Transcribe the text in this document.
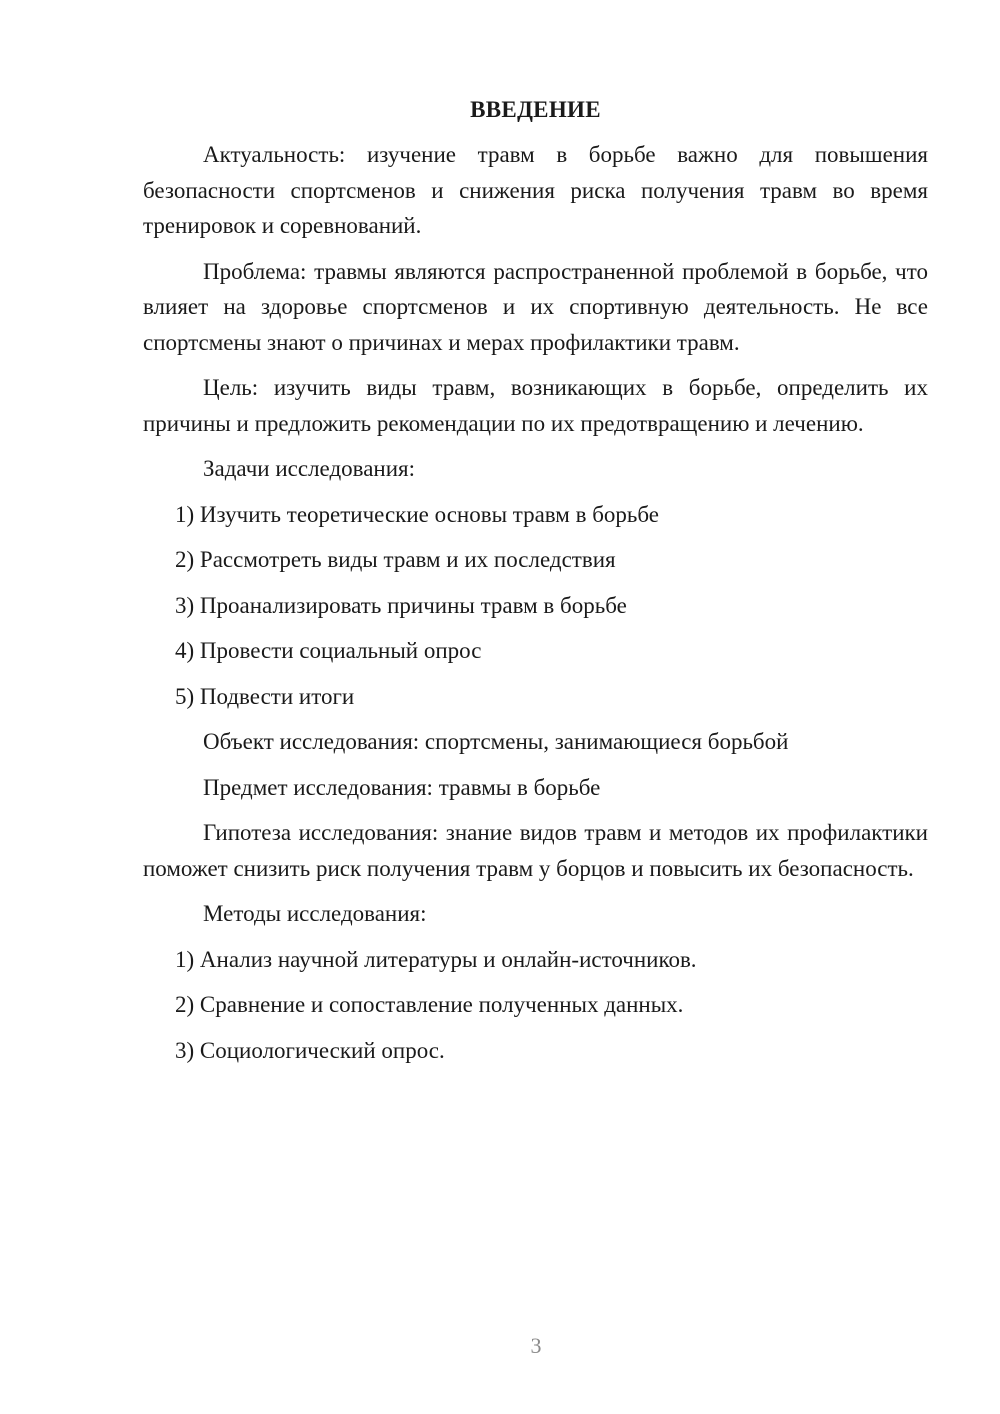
ВВЕДЕНИЕ

Актуальность: изучение травм в борьбе важно для повышения безопасности спортсменов и снижения риска получения травм во время тренировок и соревнований.

Проблема: травмы являются распространенной проблемой в борьбе, что влияет на здоровье спортсменов и их спортивную деятельность. Не все спортсмены знают о причинах и мерах профилактики травм.

Цель: изучить виды травм, возникающих в борьбе, определить их причины и предложить рекомендации по их предотвращению и лечению.

Задачи исследования:

1) Изучить теоретические основы травм в борьбе
2) Рассмотреть виды травм и их последствия
3) Проанализировать причины травм в борьбе
4) Провести социальный опрос
5) Подвести итоги

Объект исследования: спортсмены, занимающиеся борьбой

Предмет исследования: травмы в борьбе

Гипотеза исследования: знание видов травм и методов их профилактики поможет снизить риск получения травм у борцов и повысить их безопасность.

Методы исследования:

1) Анализ научной литературы и онлайн-источников.
2) Сравнение и сопоставление полученных данных.
3) Социологический опрос.
3
